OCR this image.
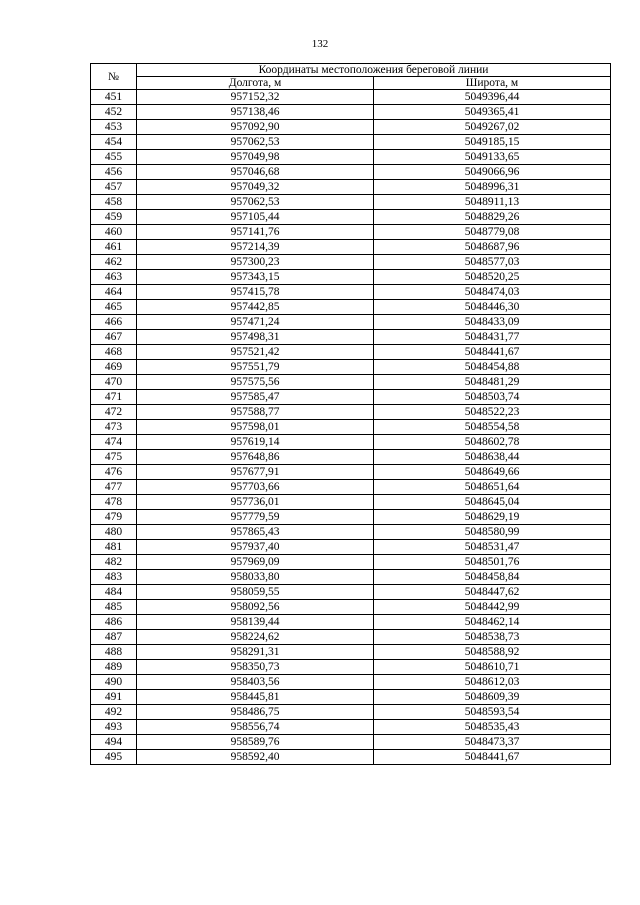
132
№	Координаты местоположения береговой линии	
	Долгота, м	Широта, м
451	957152,32	5049396,44
452	957138,46	5049365,41
453	957092,90	5049267,02
454	957062,53	5049185,15
455	957049,98	5049133,65
456	957046,68	5049066,96
457	957049,32	5048996,31
458	957062,53	5048911,13
459	957105,44	5048829,26
460	957141,76	5048779,08
461	957214,39	5048687,96
462	957300,23	5048577,03
463	957343,15	5048520,25
464	957415,78	5048474,03
465	957442,85	5048446,30
466	957471,24	5048433,09
467	957498,31	5048431,77
468	957521,42	5048441,67
469	957551,79	5048454,88
470	957575,56	5048481,29
471	957585,47	5048503,74
472	957588,77	5048522,23
473	957598,01	5048554,58
474	957619,14	5048602,78
475	957648,86	5048638,44
476	957677,91	5048649,66
477	957703,66	5048651,64
478	957736,01	5048645,04
479	957779,59	5048629,19
480	957865,43	5048580,99
481	957937,40	5048531,47
482	957969,09	5048501,76
483	958033,80	5048458,84
484	958059,55	5048447,62
485	958092,56	5048442,99
486	958139,44	5048462,14
487	958224,62	5048538,73
488	958291,31	5048588,92
489	958350,73	5048610,71
490	958403,56	5048612,03
491	958445,81	5048609,39
492	958486,75	5048593,54
493	958556,74	5048535,43
494	958589,76	5048473,37
495	958592,40	5048441,67
